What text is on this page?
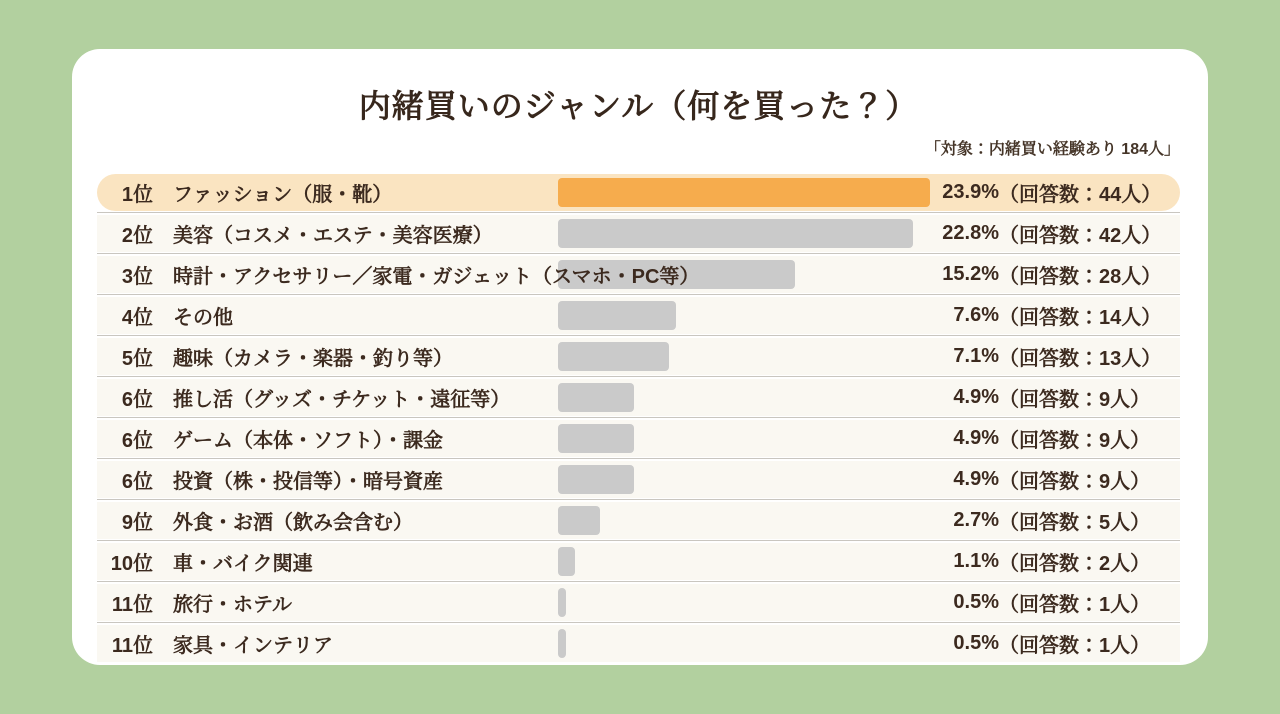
内緒買いのジャンル（何を買った？）
「対象：内緒買い経験あり 184人」
1位 ファッション（服・靴）	23.9% （回答数：44人）
2位 美容（コスメ・エステ・美容医療）	22.8% （回答数：42人）
3位 時計・アクセサリー／家電・ガジェット（スマホ・PC等）	15.2% （回答数：28人）
4位 その他	7.6% （回答数：14人）
5位 趣味（カメラ・楽器・釣り等）	7.1% （回答数：13人）
6位 推し活（グッズ・チケット・遠征等）	4.9% （回答数：9人）
6位 ゲーム（本体・ソフト）・課金	4.9% （回答数：9人）
6位 投資（株・投信等）・暗号資産	4.9% （回答数：9人）
9位 外食・お酒（飲み会含む）	2.7% （回答数：5人）
10位 車・バイク関連	1.1% （回答数：2人）
11位 旅行・ホテル	0.5% （回答数：1人）
11位 家具・インテリア	0.5% （回答数：1人）
